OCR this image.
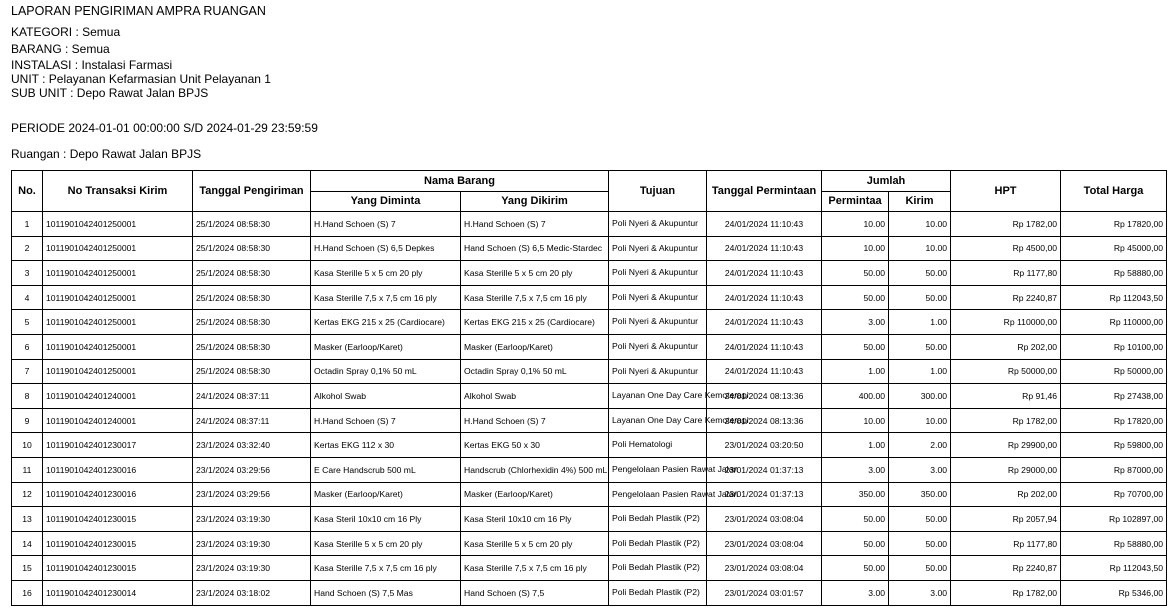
LAPORAN PENGIRIMAN AMPRA RUANGAN
KATEGORI : Semua
BARANG : Semua
INSTALASI : Instalasi Farmasi
UNIT : Pelayanan Kefarmasian Unit Pelayanan 1
SUB UNIT : Depo Rawat Jalan BPJS
PERIODE 2024-01-01 00:00:00 S/D 2024-01-29 23:59:59
Ruangan : Depo Rawat Jalan BPJS
No.	No Transaksi Kirim	Tanggal Pengiriman	Nama Barang		Tujuan	Tanggal Permintaan	Jumlah		HPT	Total Harga
			Yang Diminta	Yang Dikirim			Permintaa	Kirim		
1	1011901042401250001	25/1/2024 08:58:30	H.Hand Schoen (S) 7	H.Hand Schoen (S) 7	Poli Nyeri & Akupuntur	24/01/2024 11:10:43	10.00	10.00	Rp 1782,00	Rp 17820,00
2	1011901042401250001	25/1/2024 08:58:30	H.Hand Schoen (S) 6,5 Depkes	Hand Schoen (S) 6,5 Medic-Stardec	Poli Nyeri & Akupuntur	24/01/2024 11:10:43	10.00	10.00	Rp 4500,00	Rp 45000,00
3	1011901042401250001	25/1/2024 08:58:30	Kasa Sterille 5 x 5 cm 20 ply	Kasa Sterille 5 x 5 cm 20 ply	Poli Nyeri & Akupuntur	24/01/2024 11:10:43	50.00	50.00	Rp 1177,80	Rp 58880,00
4	1011901042401250001	25/1/2024 08:58:30	Kasa Sterille 7,5 x 7,5 cm 16 ply	Kasa Sterille 7,5 x 7,5 cm 16 ply	Poli Nyeri & Akupuntur	24/01/2024 11:10:43	50.00	50.00	Rp 2240,87	Rp 112043,50
5	1011901042401250001	25/1/2024 08:58:30	Kertas EKG 215 x 25 (Cardiocare)	Kertas EKG 215 x 25 (Cardiocare)	Poli Nyeri & Akupuntur	24/01/2024 11:10:43	3.00	1.00	Rp 110000,00	Rp 110000,00
6	1011901042401250001	25/1/2024 08:58:30	Masker (Earloop/Karet)	Masker (Earloop/Karet)	Poli Nyeri & Akupuntur	24/01/2024 11:10:43	50.00	50.00	Rp 202,00	Rp 10100,00
7	1011901042401250001	25/1/2024 08:58:30	Octadin Spray 0,1% 50 mL	Octadin Spray 0,1% 50 mL	Poli Nyeri & Akupuntur	24/01/2024 11:10:43	1.00	1.00	Rp 50000,00	Rp 50000,00
8	1011901042401240001	24/1/2024 08:37:11	Alkohol Swab	Alkohol Swab	Layanan One Day Care Kemoterapi	24/01/2024 08:13:36	400.00	300.00	Rp 91,46	Rp 27438,00
9	1011901042401240001	24/1/2024 08:37:11	H.Hand Schoen (S) 7	H.Hand Schoen (S) 7	Layanan One Day Care Kemoterapi	24/01/2024 08:13:36	10.00	10.00	Rp 1782,00	Rp 17820,00
10	1011901042401230017	23/1/2024 03:32:40	Kertas EKG 112 x 30	Kertas EKG 50 x 30	Poli Hematologi	23/01/2024 03:20:50	1.00	2.00	Rp 29900,00	Rp 59800,00
11	1011901042401230016	23/1/2024 03:29:56	E Care Handscrub 500 mL	Handscrub (Chlorhexidin 4%) 500 mL	Pengelolaan Pasien Rawat Jalan	23/01/2024 01:37:13	3.00	3.00	Rp 29000,00	Rp 87000,00
12	1011901042401230016	23/1/2024 03:29:56	Masker (Earloop/Karet)	Masker (Earloop/Karet)	Pengelolaan Pasien Rawat Jalan	23/01/2024 01:37:13	350.00	350.00	Rp 202,00	Rp 70700,00
13	1011901042401230015	23/1/2024 03:19:30	Kasa Steril 10x10 cm 16 Ply	Kasa Steril 10x10 cm 16 Ply	Poli Bedah Plastik (P2)	23/01/2024 03:08:04	50.00	50.00	Rp 2057,94	Rp 102897,00
14	1011901042401230015	23/1/2024 03:19:30	Kasa Sterille 5 x 5 cm 20 ply	Kasa Sterille 5 x 5 cm 20 ply	Poli Bedah Plastik (P2)	23/01/2024 03:08:04	50.00	50.00	Rp 1177,80	Rp 58880,00
15	1011901042401230015	23/1/2024 03:19:30	Kasa Sterille 7,5 x 7,5 cm 16 ply	Kasa Sterille 7,5 x 7,5 cm 16 ply	Poli Bedah Plastik (P2)	23/01/2024 03:08:04	50.00	50.00	Rp 2240,87	Rp 112043,50
16	1011901042401230014	23/1/2024 03:18:02	Hand Schoen (S) 7,5 Mas	Hand Schoen (S) 7,5	Poli Bedah Plastik (P2)	23/01/2024 03:01:57	3.00	3.00	Rp 1782,00	Rp 5346,00
